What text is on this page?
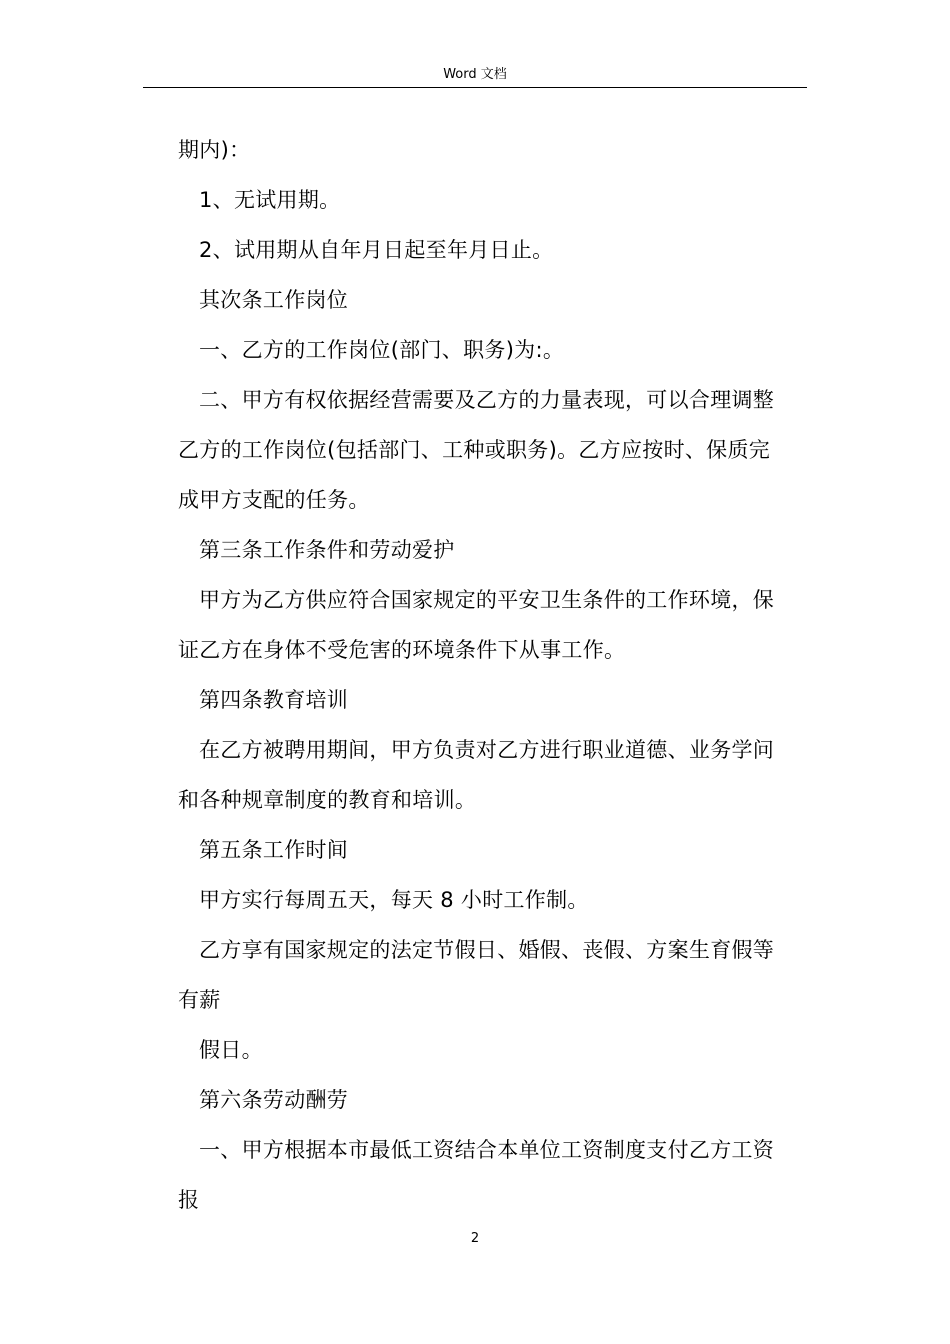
Word 文档
期内)：
1、无试用期。
2、试用期从自年月日起至年月日止。
其次条工作岗位
一、乙方的工作岗位(部门、职务)为:。
二、甲方有权依据经营需要及乙方的力量表现，可以合理调整
乙方的工作岗位(包括部门、工种或职务)。乙方应按时、保质完
成甲方支配的任务。
第三条工作条件和劳动爱护
甲方为乙方供应符合国家规定的平安卫生条件的工作环境，保
证乙方在身体不受危害的环境条件下从事工作。
第四条教育培训
在乙方被聘用期间，甲方负责对乙方进行职业道德、业务学问
和各种规章制度的教育和培训。
第五条工作时间
甲方实行每周五天，每天 8 小时工作制。
乙方享有国家规定的法定节假日、婚假、丧假、方案生育假等
有薪
假日。
第六条劳动酬劳
一、甲方根据本市最低工资结合本单位工资制度支付乙方工资
报
2
